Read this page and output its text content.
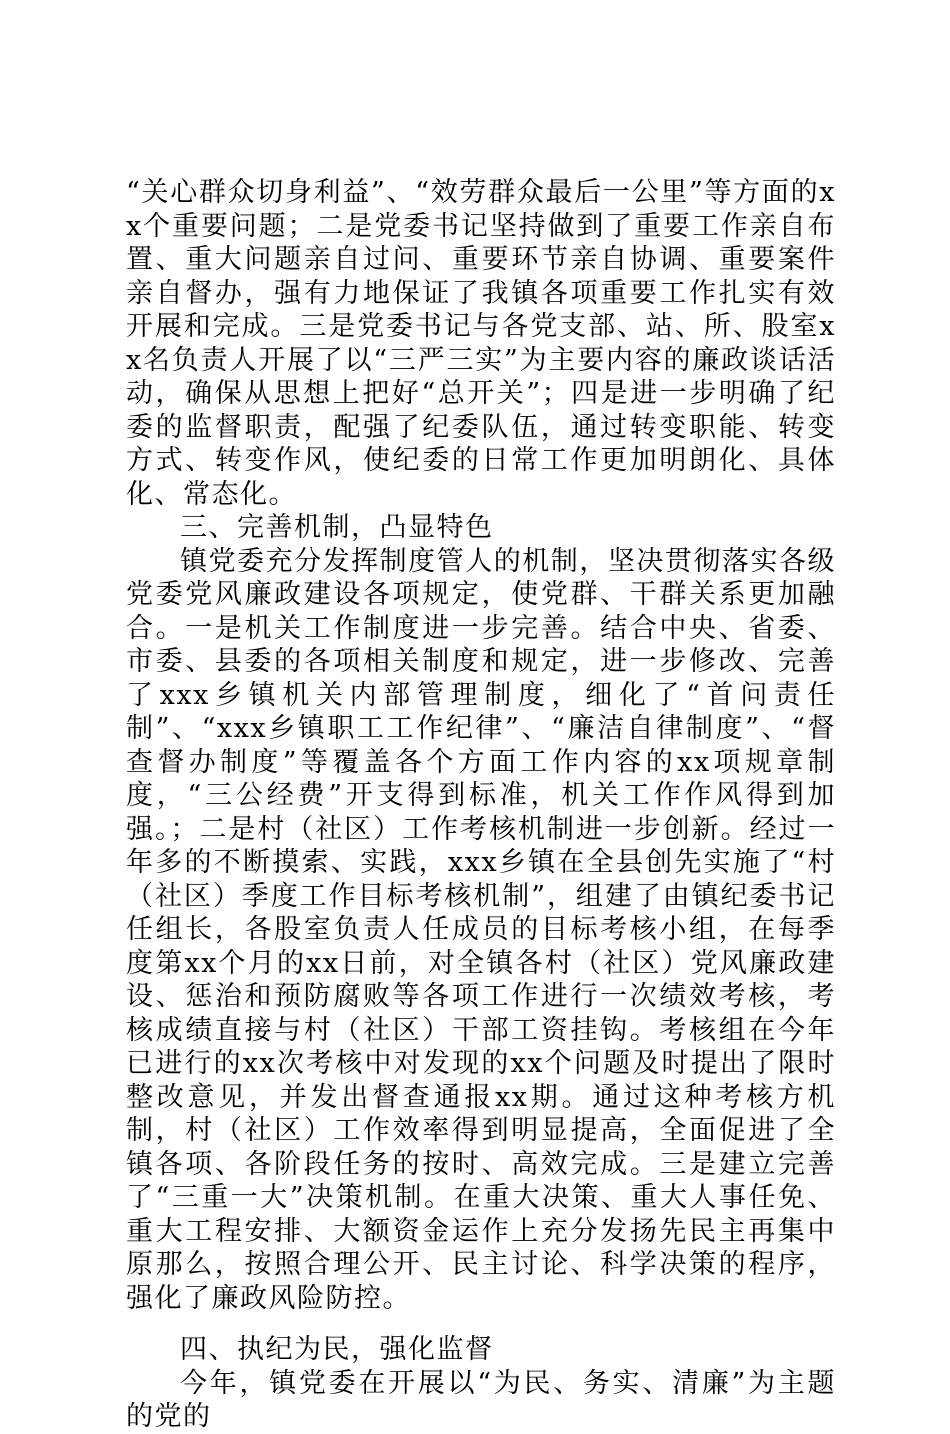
“关心群众切身利益”、“效劳群众最后一公里”等方面的xx个重要问题；二是党委书记坚持做到了重要工作亲自布置、重大问题亲自过问、重要环节亲自协调、重要案件亲自督办，强有力地保证了我镇各项重要工作扎实有效开展和完成。三是党委书记与各党支部、站、所、股室xx名负责人开展了以“三严三实”为主要内容的廉政谈话活动，确保从思想上把好“总开关”；四是进一步明确了纪委的监督职责，配强了纪委队伍，通过转变职能、转变方式、转变作风，使纪委的日常工作更加明朗化、具体化、常态化。

三、完善机制，凸显特色

镇党委充分发挥制度管人的机制，坚决贯彻落实各级党委党风廉政建设各项规定，使党群、干群关系更加融合。一是机关工作制度进一步完善。结合中央、省委、市委、县委的各项相关制度和规定，进一步修改、完善了xxx乡镇机关内部管理制度，细化了“首问责任制”、“xxx乡镇职工工作纪律”、“廉洁自律制度”、“督查督办制度”等覆盖各个方面工作内容的xx项规章制度，“三公经费”开支得到标准，机关工作作风得到加强。；二是村（社区）工作考核机制进一步创新。经过一年多的不断摸索、实践，xxx乡镇在全县创先实施了“村（社区）季度工作目标考核机制”，组建了由镇纪委书记任组长，各股室负责人任成员的目标考核小组，在每季度第xx个月的xx日前，对全镇各村（社区）党风廉政建设、惩治和预防腐败等各项工作进行一次绩效考核，考核成绩直接与村（社区）干部工资挂钩。考核组在今年已进行的xx次考核中对发现的xx个问题及时提出了限时整改意见，并发出督查通报xx期。通过这种考核方机制，村（社区）工作效率得到明显提高，全面促进了全镇各项、各阶段任务的按时、高效完成。三是建立完善了“三重一大”决策机制。在重大决策、重大人事任免、重大工程安排、大额资金运作上充分发扬先民主再集中原那么，按照合理公开、民主讨论、科学决策的程序，强化了廉政风险防控。

四、执纪为民，强化监督

今年，镇党委在开展以“为民、务实、清廉”为主题的党的
